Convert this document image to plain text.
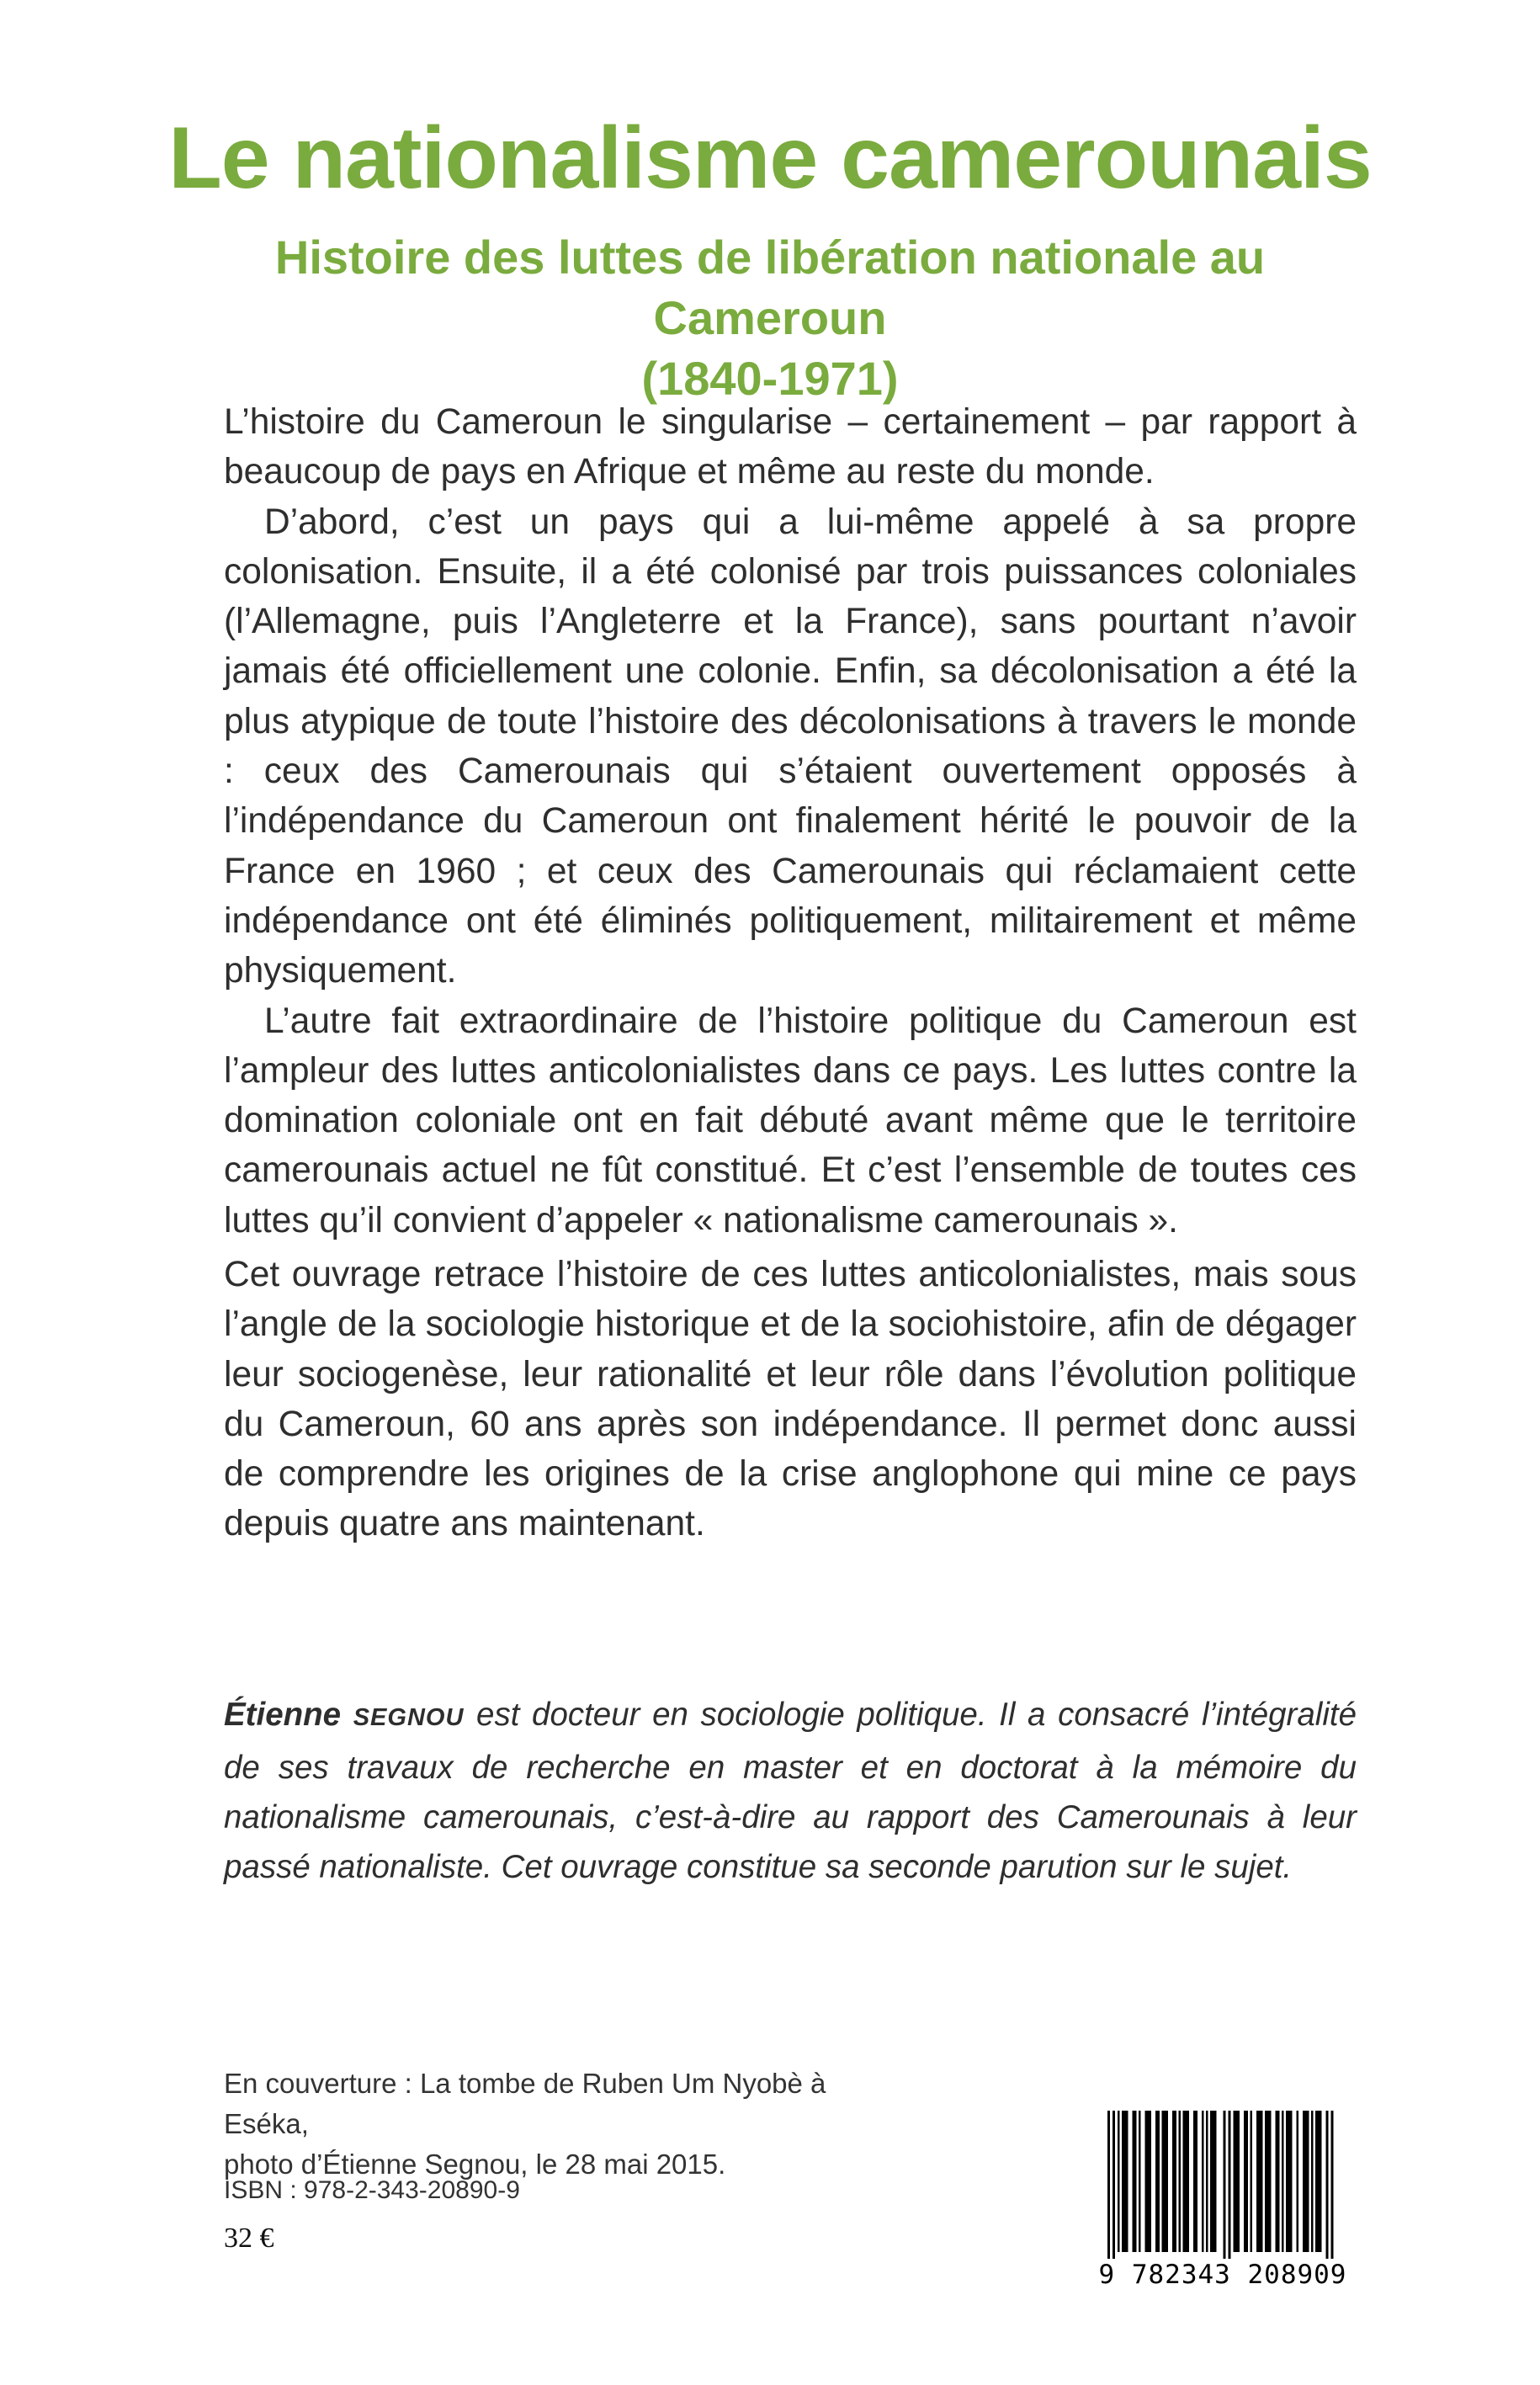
Le nationalisme camerounais
Histoire des luttes de libération nationale au Cameroun
(1840-1971)

L’histoire du Cameroun le singularise – certainement – par rapport à beaucoup de pays en Afrique et même au reste du monde.

D’abord, c’est un pays qui a lui-même appelé à sa propre colonisation. Ensuite, il a été colonisé par trois puissances coloniales (l’Allemagne, puis l’Angleterre et la France), sans pourtant n’avoir jamais été officiellement une colonie. Enfin, sa décolonisation a été la plus atypique de toute l’histoire des décolonisations à travers le monde : ceux des Camerounais qui s’étaient ouvertement opposés à l’indépendance du Cameroun ont finalement hérité le pouvoir de la France en 1960 ; et ceux des Camerounais qui réclamaient cette indépendance ont été éliminés politiquement, militairement et même physiquement.

L’autre fait extraordinaire de l’histoire politique du Cameroun est l’ampleur des luttes anticolonialistes dans ce pays. Les luttes contre la domination coloniale ont en fait débuté avant même que le territoire camerounais actuel ne fût constitué. Et c’est l’ensemble de toutes ces luttes qu’il convient d’appeler « nationalisme camerounais ».

Cet ouvrage retrace l’histoire de ces luttes anticolonialistes, mais sous l’angle de la sociologie historique et de la sociohistoire, afin de dégager leur sociogenèse, leur rationalité et leur rôle dans l’évolution politique du Cameroun, 60 ans après son indépendance. Il permet donc aussi de comprendre les origines de la crise anglophone qui mine ce pays depuis quatre ans maintenant.

Étienne SEGNOU est docteur en sociologie politique. Il a consacré l’intégralité de ses travaux de recherche en master et en doctorat à la mémoire du nationalisme camerounais, c’est-à-dire au rapport des Camerounais à leur passé nationaliste. Cet ouvrage constitue sa seconde parution sur le sujet.

En couverture : La tombe de Ruben Um Nyobè à Eséka,
photo d’Étienne Segnou, le 28 mai 2015.
ISBN : 978-2-343-20890-9
32 €
9 782343 208909
